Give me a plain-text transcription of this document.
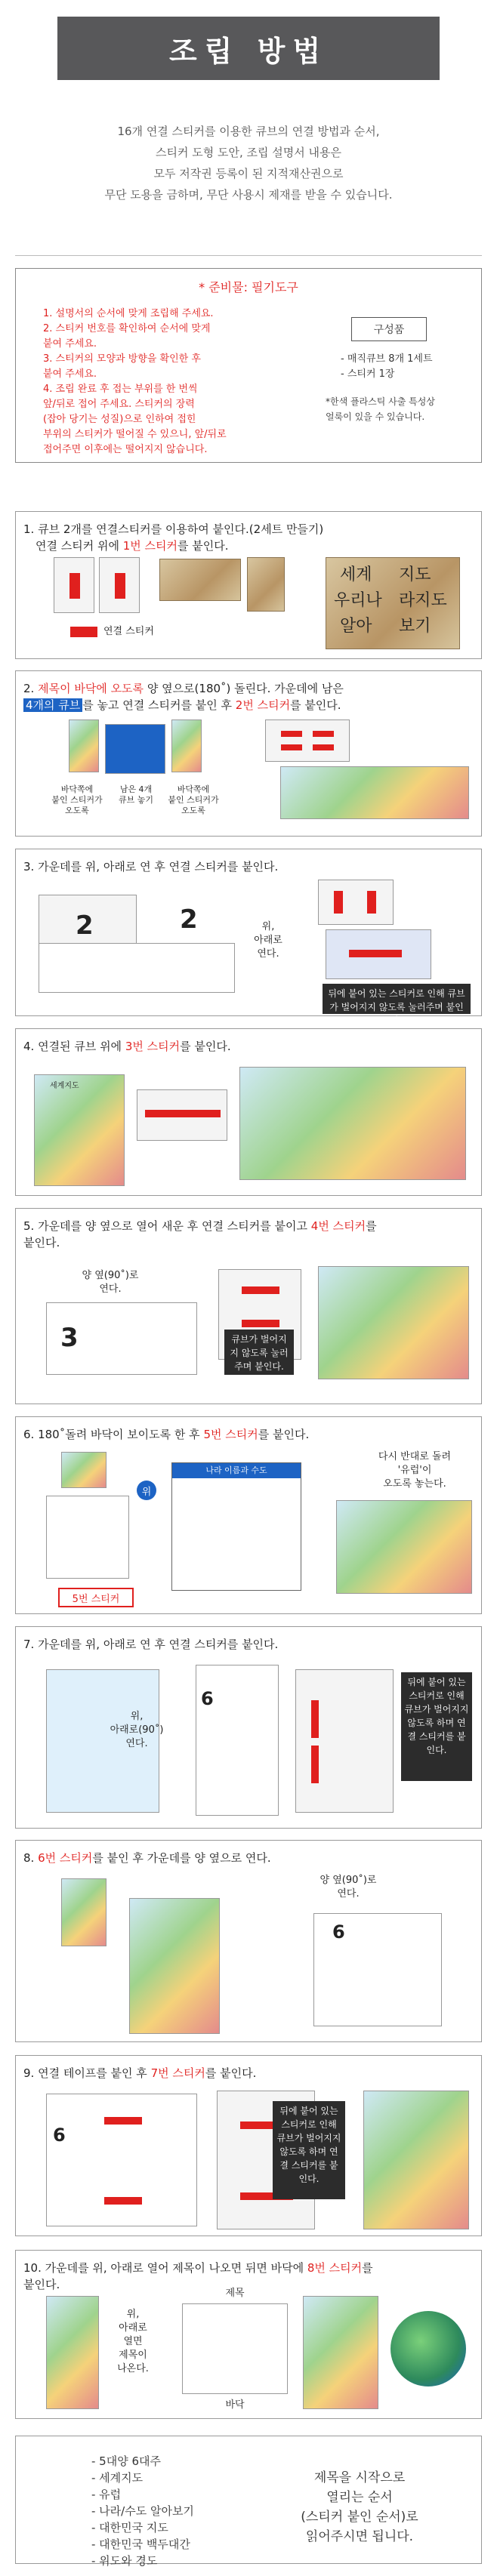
조립 방법
16개 연결 스티커를 이용한 큐브의 연결 방법과 순서,
스티커 도형 도안, 조립 설명서 내용은
모두 저작권 등록이 된 지적재산권으로
무단 도용을 금하며, 무단 사용시 제재를 받을 수 있습니다.
* 준비물: 필기도구
1. 설명서의 순서에 맞게 조립해 주세요.
2. 스티커 번호를 확인하여 순서에 맞게
붙여 주세요.
3. 스티커의 모양과 방향을 확인한 후
붙여 주세요.
4. 조립 완료 후 접는 부위를 한 번씩
앞/뒤로 접어 주세요. 스티커의 장력
(잡아 당기는 성질)으로 인하여 접힌
부위의 스티커가 떨어질 수 있으니, 앞/뒤로
접어주면 이후에는 떨어지지 않습니다.
구성품
- 매직큐브 8개 1세트
- 스티커 1장
*한색 플라스틱 사출 특성상
얼룩이 있을 수 있습니다.
1. 큐브 2개를 연결스티커를 이용하여 붙인다.(2세트 만들기)
연결 스티커 위에 1번 스티커를 붙인다.
연결 스티커
세계 지도
우리나 라지도
알아 보기
2. 제목이 바닥에 오도록 양 옆으로(180˚) 돌린다. 가운데에 남은
4개의 큐브 를 놓고 연결 스티커를 붙인 후 2번 스티커를 붙인다.
바닥쪽에
붙인 스티커가
오도록
남은 4개
큐브 놓기
바닥쪽에
붙인 스티커가
오도록
3. 가운데를 위, 아래로 연 후 연결 스티커를 붙인다.
2	2	위,
아래로
연다.
뒤에 붙어 있는 스티커로 인해 큐브가 벌어지지 않도록 눌러주며 붙인다.
4. 연결된 큐브 위에 3번 스티커를 붙인다.
세계지도
5. 가운데를 양 옆으로 열어 새운 후 연결 스티커를 붙이고 4번 스티커를
붙인다.
양 옆(90˚)로
연다.
3	큐브가 벌어지지 않도록 눌러주며 붙인다.
6. 180˚돌려 바닥이 보이도록 한 후 5번 스티커를 붙인다.
위
5번 스티커
나라 이름과 수도
다시 반대로 돌려
'유럽'이
오도록 놓는다.
7. 가운데를 위, 아래로 연 후 연결 스티커를 붙인다.
위,
아래로(90˚)
연다.
6
뒤에 붙어 있는 스티커로 인해 큐브가 벌어지지 않도록 하며 연결 스티커를 붙인다.
8. 6번 스티커를 붙인 후 가운데를 양 옆으로 연다.
양 옆(90˚)로
연다.
6
9. 연결 테이프를 붙인 후 7번 스티커를 붙인다.
6
뒤에 붙어 있는 스티커로 인해 큐브가 벌어지지 않도록 하며 연결 스티커를 붙인다.
10. 가운데를 위, 아래로 열어 제목이 나오면 뒤면 바닥에 8번 스티커를
붙인다.
위,
아래로
열면
제목이
나온다.
제목
바닥
- 5대양 6대주
- 세계지도
- 유럽
- 나라/수도 알아보기
- 대한민국 지도
- 대한민국 백두대간
- 위도와 경도
제목을 시작으로
열리는 순서
(스티커 붙인 순서)로
읽어주시면 됩니다.
